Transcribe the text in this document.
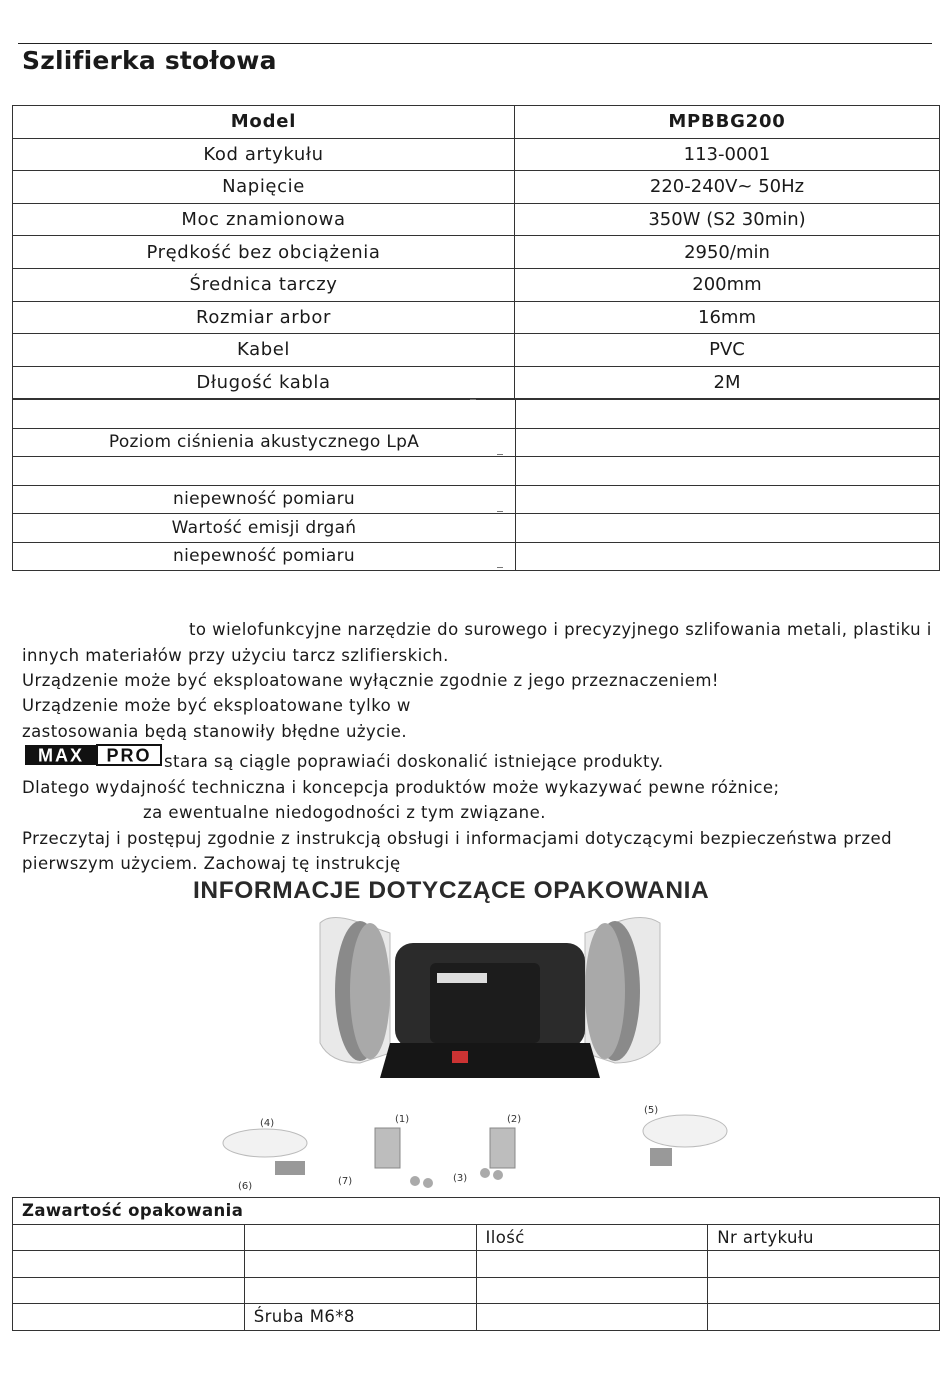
Szlifierka stołowa
Model	MPBBG200
Kod artykułu	113-0001
Napięcie	220-240V~ 50Hz
Moc znamionowa	350W (S2 30min)
Prędkość bez obciążenia	2950/min
Średnica tarczy	200mm
Rozmiar arbor	16mm
Kabel	PVC
Długość kabla	2M

Poziom ciśnienia akustycznego LpA	

niepewność pomiaru	
Wartość emisji drgań	
niepewność pomiaru	
to wielofunkcyjne narzędzie do surowego i precyzyjnego szlifowania metali, plastiku i
innych materiałów przy użyciu tarcz szlifierskich.
Urządzenie może być eksploatowane wyłącznie zgodnie z jego przeznaczeniem!
Urządzenie może być eksploatowane tylko w
zastosowania będą stanowiły błędne użycie.
MAX PRO stara są ciągle poprawiaći doskonalić istniejące produkty.
Dlatego wydajność techniczna i koncepcja produktów może wykazywać pewne różnice;
za ewentualne niedogodności z tym związane.
Przeczytaj i postępuj zgodnie z instrukcją obsługi i informacjami dotyczącymi bezpieczeństwa przed
pierwszym użyciem. Zachowaj tę instrukcję
INFORMACJE DOTYCZĄCE OPAKOWANIA
(4)	(1)	(2)
(5)
(3)
(6)	(7)
Zawartość opakowania			
		Ilość	Nr artykułu

	Śruba M6*8		
